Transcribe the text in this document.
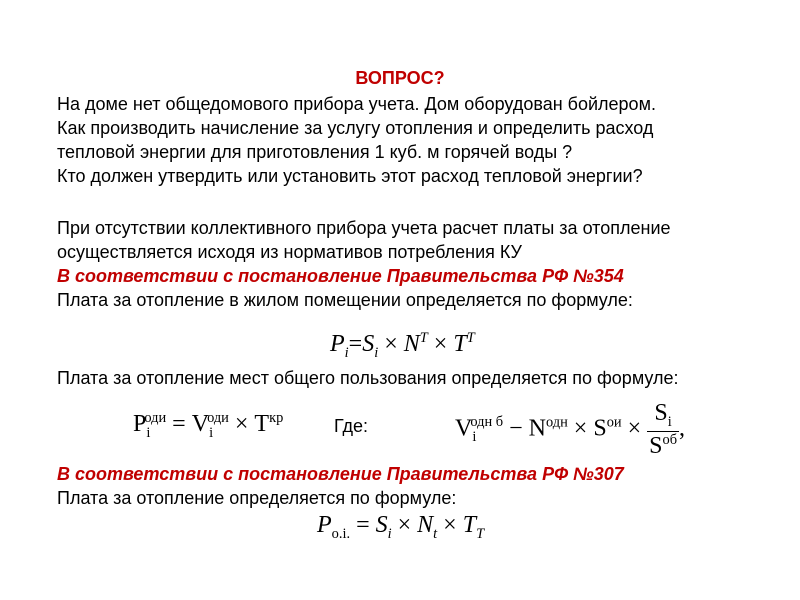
ВОПРОС?
На доме нет общедомового прибора учета. Дом оборудован бойлером.
Как производить начисление за услугу отопления и определить расход
тепловой энергии для приготовления 1 куб. м горячей воды ?
Кто должен утвердить или установить этот расход тепловой энергии?
При отсутствии коллективного прибора учета расчет платы за отопление
осуществляется исходя из нормативов потребления КУ
В соответствии с постановление Правительства РФ №354
Плата за отопление в жилом помещении определяется по формуле:
$P_i=S_i \times N^T \times T^T$
Плата за отопление мест общего пользования определяется по формуле:
$P_i^{оди} = V_i^{оди} \times T^{кр}$	Где:	$V_i^{одн б} - N^{одн} \times S^{ои} \times \frac{S_i}{S^{об}}$ ,
В соответствии с постановление Правительства РФ №307
Плата за отопление определяется по формуле:
$P_{o.i.} = S_i \times N_t \times T_T$
